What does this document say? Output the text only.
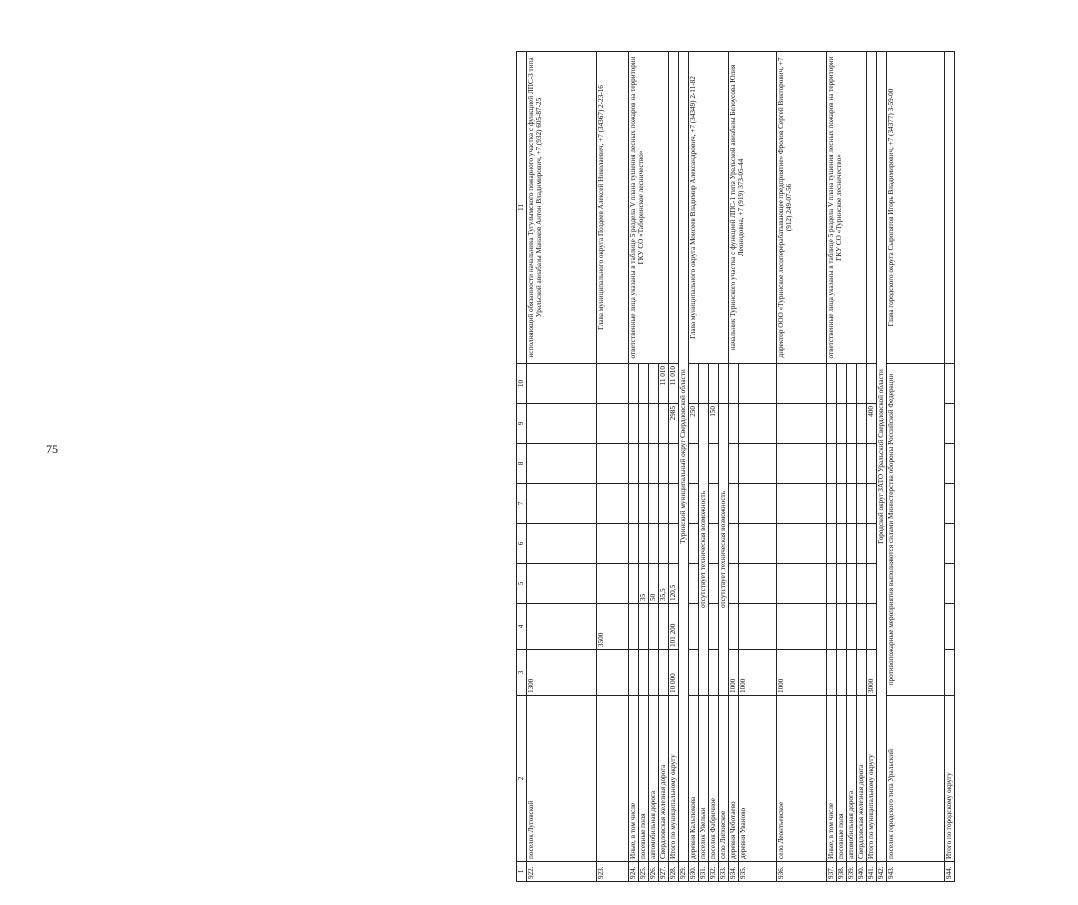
75
1	2	3	4	5	6	7	8	9	10	11
922.	поселок Луговской	1300								исполняющий обязанности начальника Тугулымского пожарного участка с функцией ЛПС-3 типа Уральской авиабазы Манаков Антон Владимирович, +7 (932) 605-87-25
923.			3500							Глава муниципального округа Поздеев Алексей Николаевич, +7 (34367) 2-23-16
924.	Иные, в том числе									ответственные лица указаны в таблице 5 раздела V плана тушения лесных пожаров на территории ГКУ СО «Таборинское лесничество»
925.	посевные поля			35						
926.	автомобильная дорога			50						
927.	Свердловская железная дорога			35,5					11 010	
928.	Итого по муниципальному округу	10 000	101 200	120,5				2985	11 010	
929.	Туринский муниципальный округ Свердловской области									
930.	деревня Кальтюкова							250		Глава муниципального округа Моисеев Владимир Александрович, +7 (34349) 2-11-82
931.	поселок Увельки	отсутствует техническая возможность								
932.	поселок Фабричное							150		
933.	село Липовское	отсутствует техническая возможность								
934.	деревня Чеботаево	1000								начальник Туринского участка с функцией ЛПС-1 типа Уральской авиабазы Белоусова Юлия Леонидовна, +7 (919) 373-05-44
935.	деревня Уваново	1000								
936.	село Леонтьевское	1000								директор ООО «Туринское лесоперерабатывающее предприятие» Фролов Сергей Викторович, +7 (912) 249-07-56
937.	Иные, в том числе									ответственные лица указаны в таблице 5 раздела V плана тушения лесных пожаров на территории ГКУ СО «Туринское лесничество»
938.	посевные поля									
939.	автомобильная дорога									
940.	Свердловская железная дорога									
941.	Итого по муниципальному округу	3000						400		
942.	Городской округ ЗАТО Уральский Свердловской области									
943.	поселок городского типа Уральский	противопожарные мероприятия выполняются силами Министерства обороны Российской Федерации								Глава городского округа Сыропятов Игорь Владимирович, +7 (34377) 3-59-00
944.	Итого по городскому округу									
